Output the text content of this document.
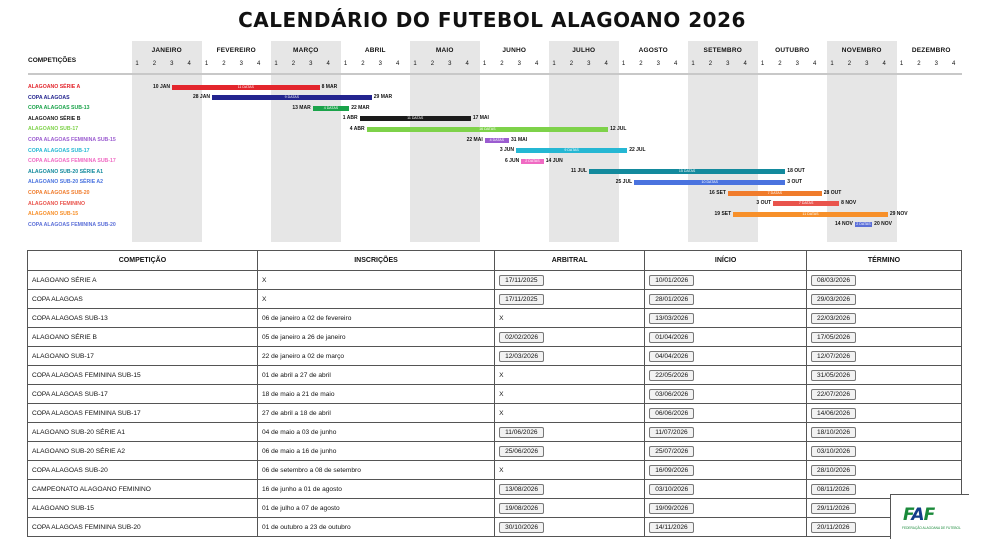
CALENDÁRIO DO FUTEBOL ALAGOANO 2026
COMPETIÇÕES
JANEIRO
1	2	3	4
FEVEREIRO
1	2	3	4
MARÇO
1	2	3	4
ABRIL
1	2	3	4
MAIO
1	2	3	4
JUNHO
1	2	3	4
JULHO
1	2	3	4
AGOSTO
1	2	3	4
SETEMBRO
1	2	3	4
OUTUBRO
1	2	3	4
NOVEMBRO
1	2	3	4
DEZEMBRO
1	2	3	4
ALAGOANO SÉRIE A	11 DATAS
10 JAN	8 MAR
COPA ALAGOAS	9 DATAS
28 JAN	29 MAR
COPA ALAGOAS SUB-13	4 DATAS
13 MAR	22 MAR
ALAGOANO SÉRIE B	11 DATAS
1 ABR	17 MAI
ALAGOANO SUB-17	16 DATAS
4 ABR	12 JUL
COPA ALAGOAS FEMININA SUB-15	4 DATAS
22 MAI	31 MAI
COPA ALAGOAS SUB-17	9 DATAS
3 JUN	22 JUL
COPA ALAGOAS FEMININA SUB-17	2 DATAS
6 JUN	14 JUN
ALAGOANO SUB-20 SÉRIE A1	15 DATAS
11 JUL	18 OUT
ALAGOANO SUB-20 SÉRIE A2	10 DATAS
25 JUL	3 OUT
COPA ALAGOAS SUB-20	7 DATAS
16 SET	28 OUT
ALAGOANO FEMININO	7 DATAS
3 OUT	8 NOV
ALAGOANO SUB-15	11 DATAS
19 SET	29 NOV
COPA ALAGOAS FEMININA SUB-20	2 DATAS
14 NOV	20 NOV
COMPETIÇÃO	INSCRIÇÕES	ARBITRAL	INÍCIO	TÉRMINO
ALAGOANO SÉRIE A	X	17/11/2025	10/01/2026	08/03/2026
COPA ALAGOAS	X	17/11/2025	28/01/2026	29/03/2026
COPA ALAGOAS SUB-13	06 de janeiro a 02 de fevereiro	X	13/03/2026	22/03/2026
ALAGOANO SÉRIE B	05 de janeiro a 26 de janeiro	02/02/2026	01/04/2026	17/05/2026
ALAGOANO SUB-17	22 de janeiro a 02 de março	12/03/2026	04/04/2026	12/07/2026
COPA ALAGOAS FEMININA SUB-15	01 de abril a 27 de abril	X	22/05/2026	31/05/2026
COPA ALAGOAS SUB-17	18 de maio a 21 de maio	X	03/06/2026	22/07/2026
COPA ALAGOAS FEMININA SUB-17	27 de abril a 18 de abril	X	06/06/2026	14/06/2026
ALAGOANO SUB-20 SÉRIE A1	04 de maio a 03 de junho	11/06/2026	11/07/2026	18/10/2026
ALAGOANO SUB-20 SÉRIE A2	06 de maio a 16 de junho	25/06/2026	25/07/2026	03/10/2026
COPA ALAGOAS SUB-20	06 de setembro a 08 de setembro	X	16/09/2026	28/10/2026
CAMPEONATO ALAGOANO FEMININO	16 de junho a 01 de agosto	13/08/2026	03/10/2026	08/11/2026
ALAGOANO SUB-15	01 de julho a 07 de agosto	19/08/2026	19/09/2026	29/11/2026
COPA ALAGOAS FEMININA SUB-20	01 de outubro a 23 de outubro	30/10/2026	14/11/2026	20/11/2026
FAF
FEDERAÇÃO ALAGOANA DE FUTEBOL
